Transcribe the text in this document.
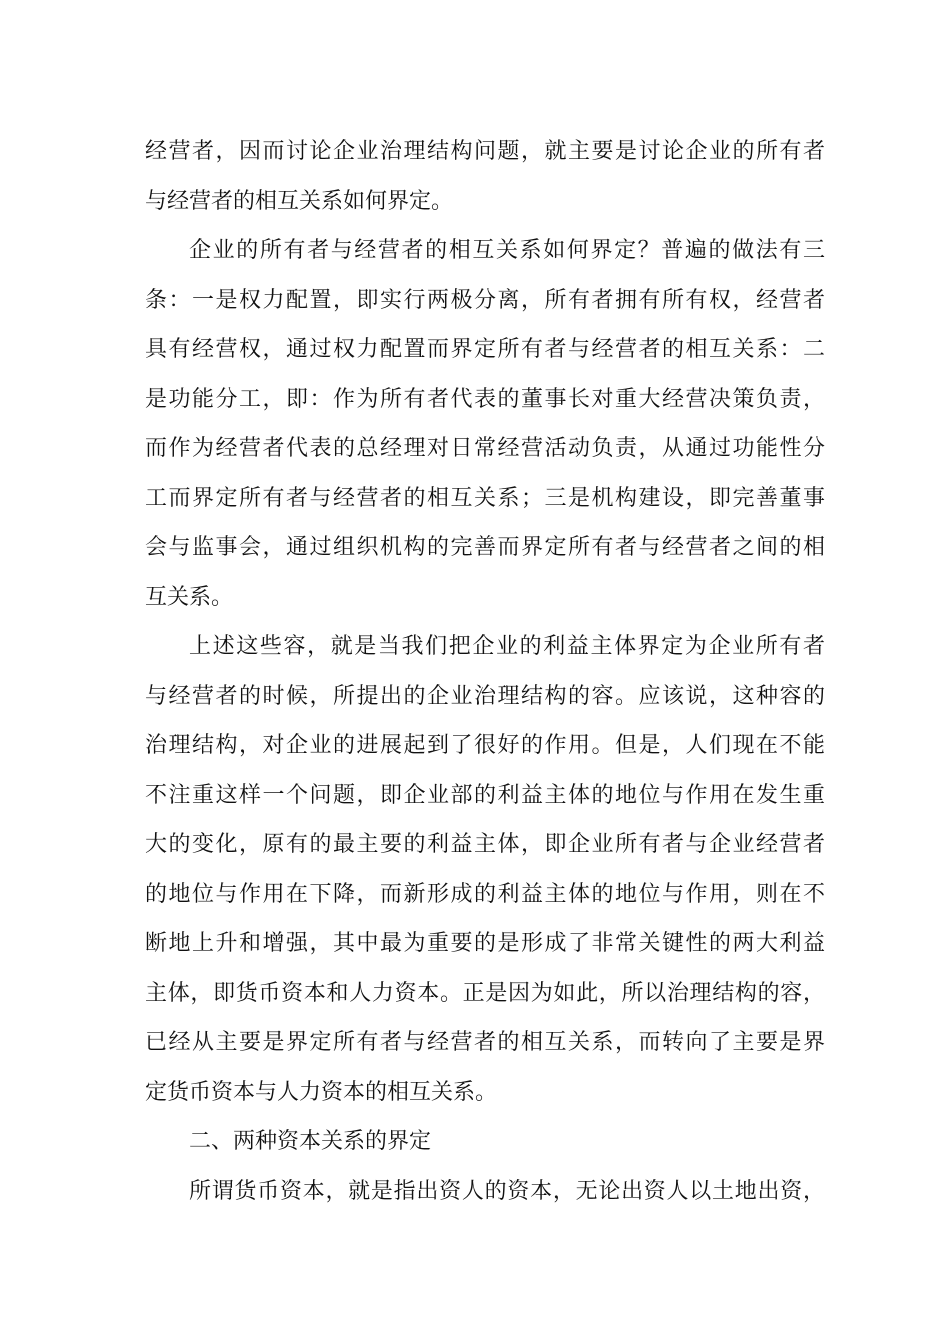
经营者，因而讨论企业治理结构问题，就主要是讨论企业的所有者
与经营者的相互关系如何界定。
企业的所有者与经营者的相互关系如何界定？普遍的做法有三
条：一是权力配置，即实行两极分离，所有者拥有所有权，经营者
具有经营权，通过权力配置而界定所有者与经营者的相互关系：二
是功能分工，即：作为所有者代表的董事长对重大经营决策负责，
而作为经营者代表的总经理对日常经营活动负责，从通过功能性分
工而界定所有者与经营者的相互关系；三是机构建设，即完善董事
会与监事会，通过组织机构的完善而界定所有者与经营者之间的相
互关系。
上述这些容，就是当我们把企业的利益主体界定为企业所有者
与经营者的时候，所提出的企业治理结构的容。应该说，这种容的
治理结构，对企业的进展起到了很好的作用。但是，人们现在不能
不注重这样一个问题，即企业部的利益主体的地位与作用在发生重
大的变化，原有的最主要的利益主体，即企业所有者与企业经营者
的地位与作用在下降，而新形成的利益主体的地位与作用，则在不
断地上升和增强，其中最为重要的是形成了非常关键性的两大利益
主体，即货币资本和人力资本。正是因为如此，所以治理结构的容，
已经从主要是界定所有者与经营者的相互关系，而转向了主要是界
定货币资本与人力资本的相互关系。
二、两种资本关系的界定
所谓货币资本，就是指出资人的资本，无论出资人以土地出资，
